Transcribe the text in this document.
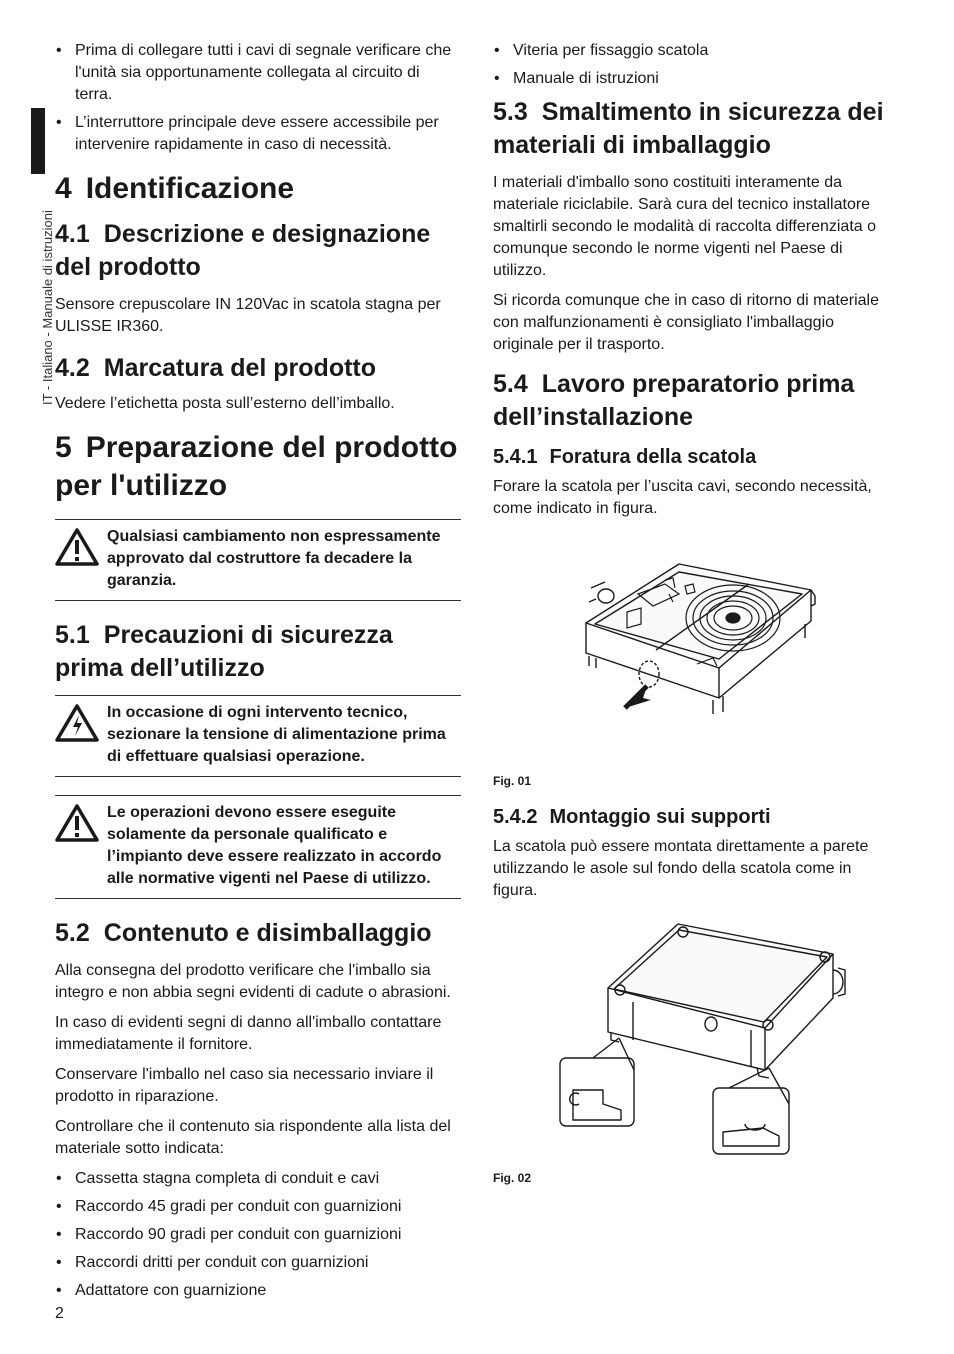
IT - Italiano - Manuale di istruzioni
• Prima di collegare tutti i cavi di segnale verificare che l'unità sia opportunamente collegata al circuito di terra.
• L’interruttore principale deve essere accessibile per intervenire rapidamente in caso di necessità.
4 Identificazione
4.1 Descrizione e designazione del prodotto

Sensore crepuscolare IN 120Vac in scatola stagna per ULISSE IR360.

4.2 Marcatura del prodotto

Vedere l’etichetta posta sull’esterno dell’imballo.

5 Preparazione del prodotto per l'utilizzo
Qualsiasi cambiamento non espressamente approvato dal costruttore fa decadere la garanzia.
5.1 Precauzioni di sicurezza prima dell’utilizzo
In occasione di ogni intervento tecnico, sezionare la tensione di alimentazione prima di effettuare qualsiasi operazione.
Le operazioni devono essere eseguite solamente da personale qualificato e l’impianto deve essere realizzato in accordo alle normative vigenti nel Paese di utilizzo.
5.2 Contenuto e disimballaggio

Alla consegna del prodotto verificare che l'imballo sia integro e non abbia segni evidenti di cadute o abrasioni.

In caso di evidenti segni di danno all'imballo contattare immediatamente il fornitore.

Conservare l'imballo nel caso sia necessario inviare il prodotto in riparazione.

Controllare che il contenuto sia rispondente alla lista del materiale sotto indicata:

• Cassetta stagna completa di conduit e cavi
• Raccordo 45 gradi per conduit con guarnizioni
• Raccordo 90 gradi per conduit con guarnizioni
• Raccordi dritti per conduit con guarnizioni
• Adattatore con guarnizione
• Viteria per fissaggio scatola
• Manuale di istruzioni
5.3 Smaltimento in sicurezza dei materiali di imballaggio

I materiali d'imballo sono costituiti interamente da materiale riciclabile. Sarà cura del tecnico installatore smaltirli secondo le modalità di raccolta differenziata o comunque secondo le norme vigenti nel Paese di utilizzo.

Si ricorda comunque che in caso di ritorno di materiale con malfunzionamenti è consigliato l'imballaggio originale per il trasporto.

5.4 Lavoro preparatorio prima dell’installazione
5.4.1 Foratura della scatola

Forare la scatola per l’uscita cavi, secondo necessità, come indicato in figura.

Fig. 01
5.4.2 Montaggio sui supporti

La scatola può essere montata direttamente a parete utilizzando le asole sul fondo della scatola come in figura.

Fig. 02
2
